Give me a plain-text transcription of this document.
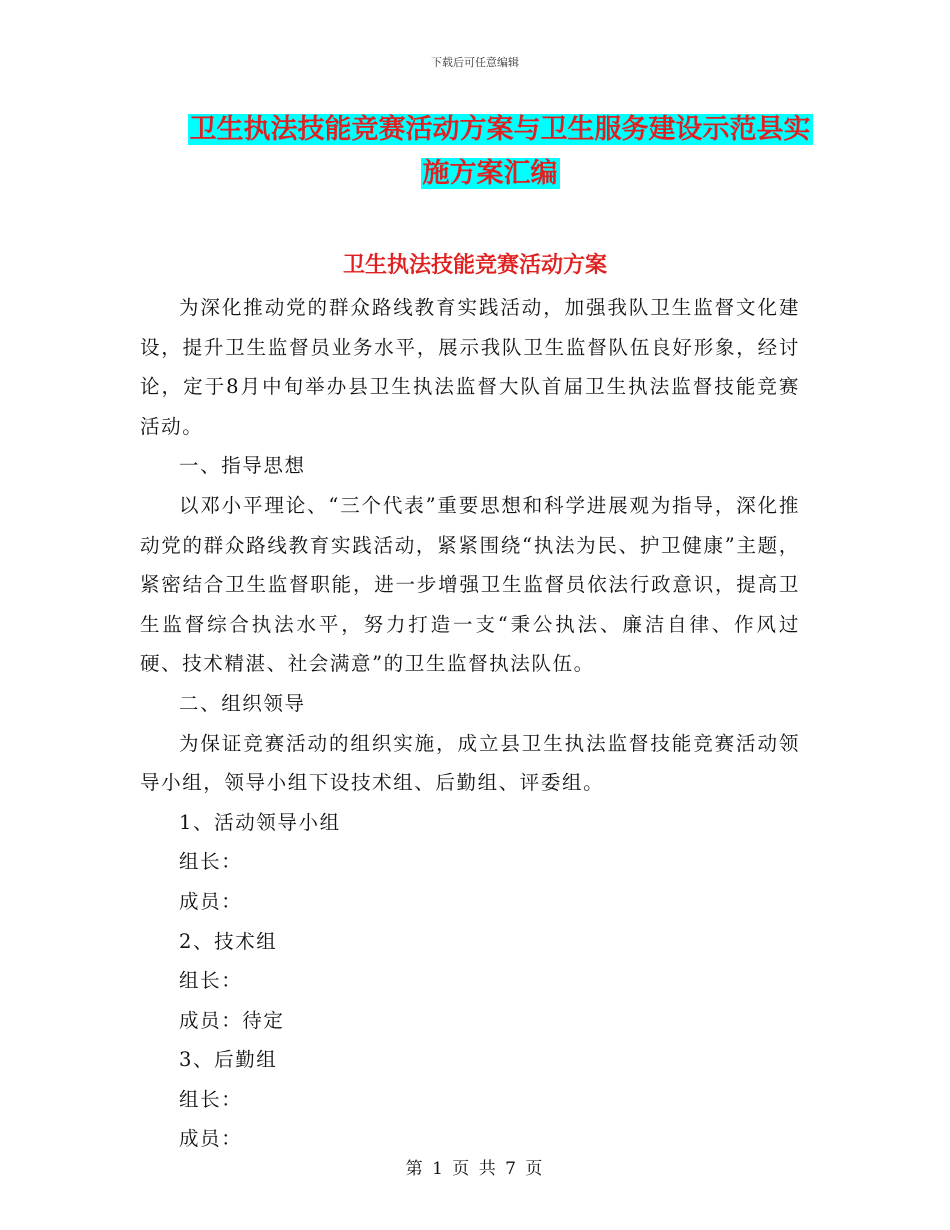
下载后可任意编辑
卫生执法技能竞赛活动方案与卫生服务建设示范县实
施方案汇编
卫生执法技能竞赛活动方案

为深化推动党的群众路线教育实践活动，加强我队卫生监督文化建设，提升卫生监督员业务水平，展示我队卫生监督队伍良好形象，经讨论，定于8月中旬举办县卫生执法监督大队首届卫生执法监督技能竞赛活动。

一、指导思想

以邓小平理论、“三个代表”重要思想和科学进展观为指导，深化推动党的群众路线教育实践活动，紧紧围绕“执法为民、护卫健康”主题，紧密结合卫生监督职能，进一步增强卫生监督员依法行政意识，提高卫生监督综合执法水平，努力打造一支“秉公执法、廉洁自律、作风过硬、技术精湛、社会满意”的卫生监督执法队伍。

二、组织领导

为保证竞赛活动的组织实施，成立县卫生执法监督技能竞赛活动领导小组，领导小组下设技术组、后勤组、评委组。

1、活动领导小组

组长：

成员：

2、技术组

组长：

成员：待定

3、后勤组

组长：

成员：

第 1 页 共 7 页
